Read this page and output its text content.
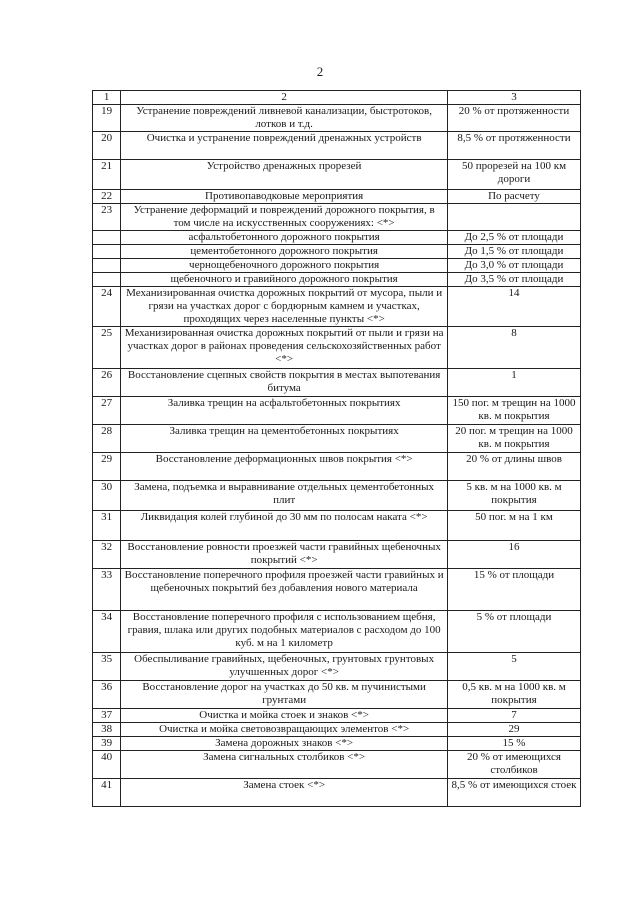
2
1	2	3
19	Устранение повреждений ливневой канализации, быстротоков, лотков и т.д.	20 % от протяженности
20	Очистка и устранение повреждений дренажных устройств	8,5 % от протяженности
21	Устройство дренажных прорезей	50 прорезей на 100 км дороги
22	Противопаводковые мероприятия	По расчету
23	Устранение деформаций и повреждений дорожного покрытия, в том числе на искусственных сооружениях: <*>	
	асфальтобетонного дорожного покрытия	До 2,5 % от площади
	цементобетонного дорожного покрытия	До 1,5 % от площади
	чернощебеночного дорожного покрытия	До 3,0 % от площади
	щебеночного и гравийного дорожного покрытия	До 3,5 % от площади
24	Механизированная очистка дорожных покрытий от мусора, пыли и грязи на участках дорог с бордюрным камнем и участках, проходящих через населенные пункты <*>	14
25	Механизированная очистка дорожных покрытий от пыли и грязи на участках дорог в районах проведения сельскохозяйственных работ <*>	8
26	Восстановление сцепных свойств покрытия в местах выпотевания битума	1
27	Заливка трещин на асфальтобетонных покрытиях	150 пог. м трещин на 1000 кв. м покрытия
28	Заливка трещин на цементобетонных покрытиях	20 пог. м трещин на 1000 кв. м покрытия
29	Восстановление деформационных швов покрытия <*>	20 % от длины швов
30	Замена, подъемка и выравнивание отдельных цементобетонных плит	5 кв. м на 1000 кв. м покрытия
31	Ликвидация колей глубиной до 30 мм по полосам наката <*>	50 пог. м на 1 км
32	Восстановление ровности проезжей части гравийных щебеночных покрытий <*>	16
33	Восстановление поперечного профиля проезжей части гравийных и щебеночных покрытий без добавления нового материала	15 % от площади
34	Восстановление поперечного профиля с использованием щебня, гравия, шлака или других подобных материалов с расходом до 100 куб. м на 1 километр	5 % от площади
35	Обеспыливание гравийных, щебеночных, грунтовых грунтовых улучшенных дорог <*>	5
36	Восстановление дорог на участках до 50 кв. м пучинистыми грунтами	0,5 кв. м на 1000 кв. м покрытия
37	Очистка и мойка стоек и знаков <*>	7
38	Очистка и мойка световозвращающих элементов <*>	29
39	Замена дорожных знаков <*>	15 %
40	Замена сигнальных столбиков <*>	20 % от имеющихся столбиков
41	Замена стоек <*>	8,5 % от имеющихся стоек
